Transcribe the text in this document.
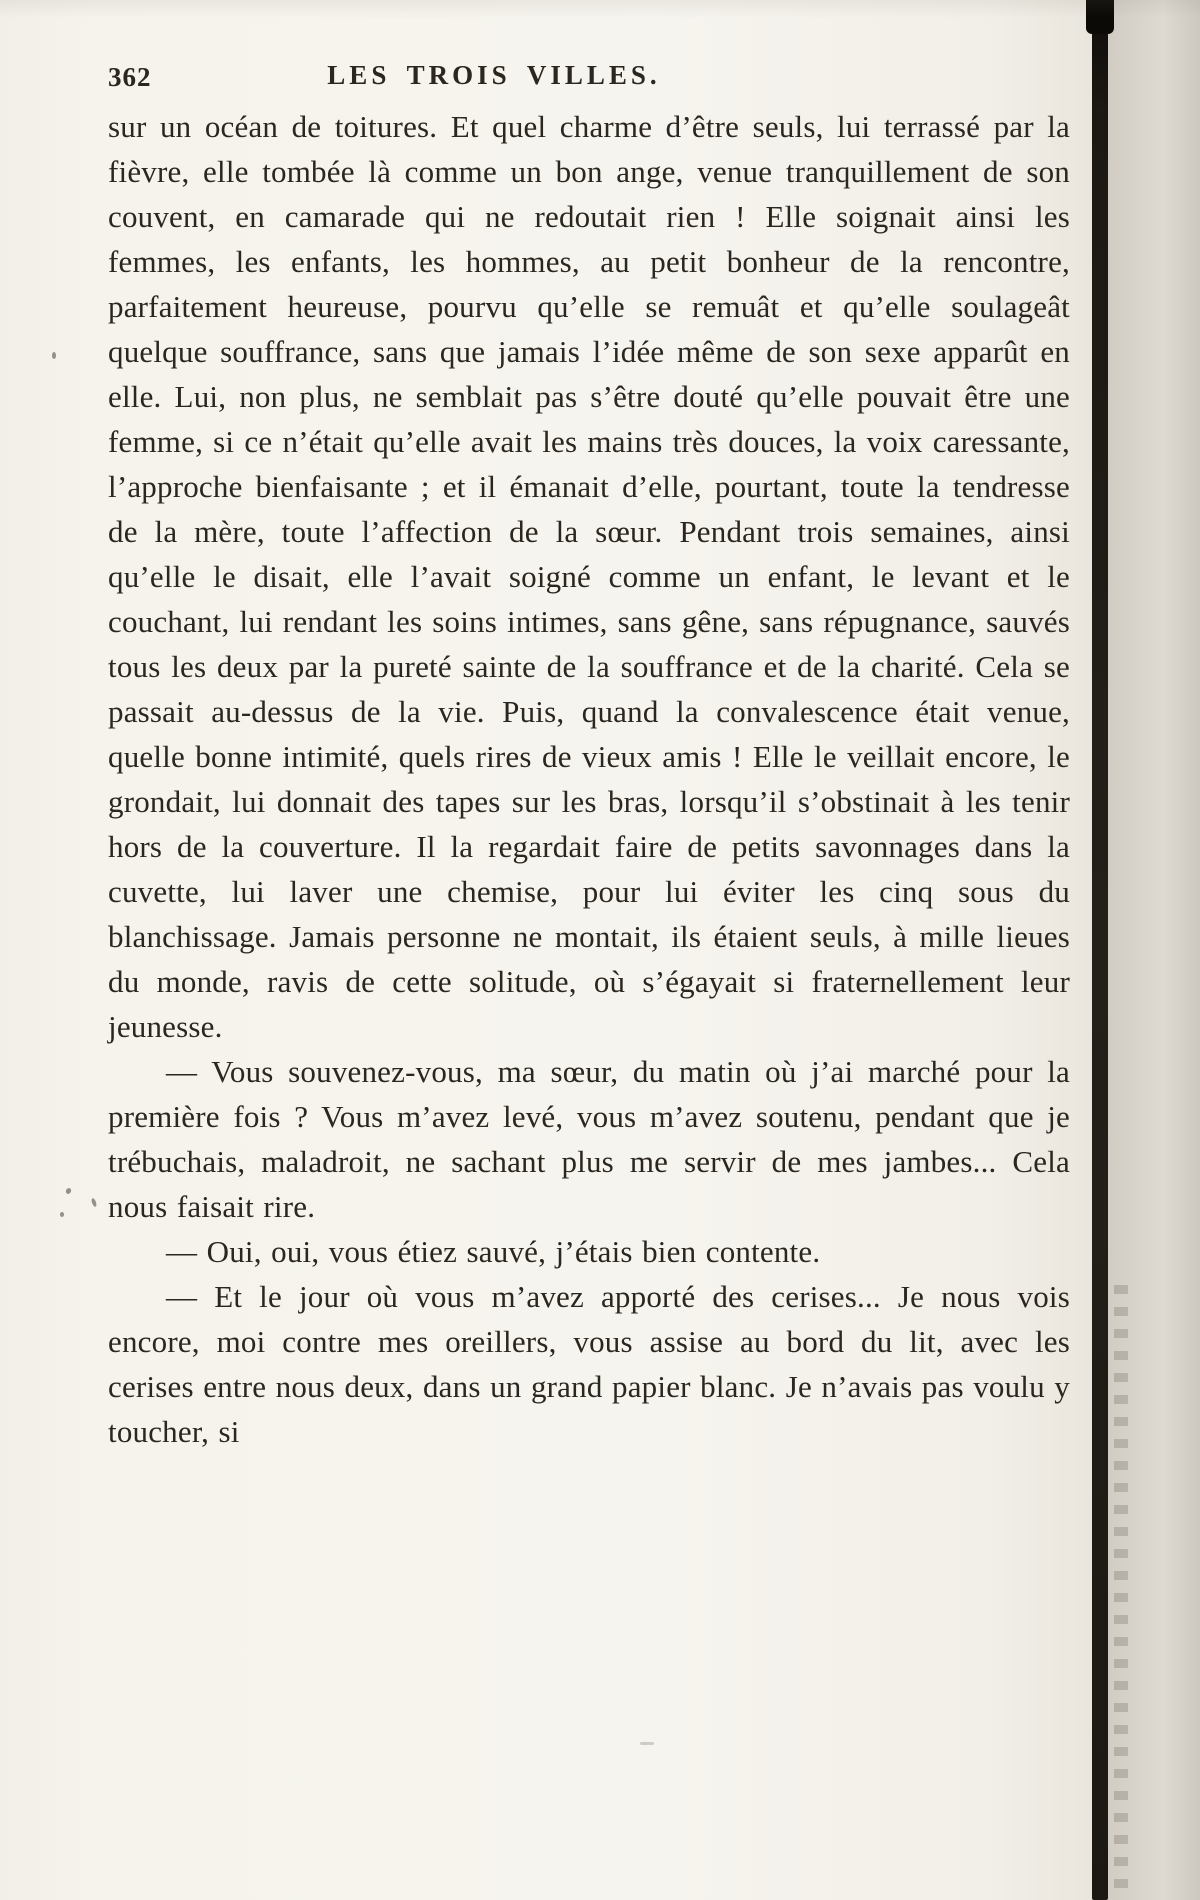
362	LES TROIS VILLES.

sur un océan de toitures. Et quel charme d’être seuls, lui terrassé par la fièvre, elle tombée là comme un bon ange, venue tranquillement de son couvent, en camarade qui ne redoutait rien ! Elle soignait ainsi les femmes, les enfants, les hommes, au petit bonheur de la rencontre, parfaitement heureuse, pourvu qu’elle se remuât et qu’elle soulageât quelque souffrance, sans que jamais l’idée même de son sexe apparût en elle. Lui, non plus, ne semblait pas s’être douté qu’elle pouvait être une femme, si ce n’était qu’elle avait les mains très douces, la voix caressante, l’approche bienfaisante ; et il émanait d’elle, pourtant, toute la tendresse de la mère, toute l’affection de la sœur. Pendant trois semaines, ainsi qu’elle le disait, elle l’avait soigné comme un enfant, le levant et le couchant, lui rendant les soins intimes, sans gêne, sans répugnance, sauvés tous les deux par la pureté sainte de la souffrance et de la charité. Cela se passait au-dessus de la vie. Puis, quand la convalescence était venue, quelle bonne intimité, quels rires de vieux amis ! Elle le veillait encore, le grondait, lui donnait des tapes sur les bras, lorsqu’il s’obstinait à les tenir hors de la couverture. Il la regardait faire de petits savonnages dans la cuvette, lui laver une chemise, pour lui éviter les cinq sous du blanchissage. Jamais personne ne montait, ils étaient seuls, à mille lieues du monde, ravis de cette solitude, où s’égayait si fraternellement leur jeunesse.

— Vous souvenez-vous, ma sœur, du matin où j’ai marché pour la première fois ? Vous m’avez levé, vous m’avez soutenu, pendant que je trébuchais, maladroit, ne sachant plus me servir de mes jambes... Cela nous faisait rire.

— Oui, oui, vous étiez sauvé, j’étais bien contente.

— Et le jour où vous m’avez apporté des cerises... Je nous vois encore, moi contre mes oreillers, vous assise au bord du lit, avec les cerises entre nous deux, dans un grand papier blanc. Je n’avais pas voulu y toucher, si
